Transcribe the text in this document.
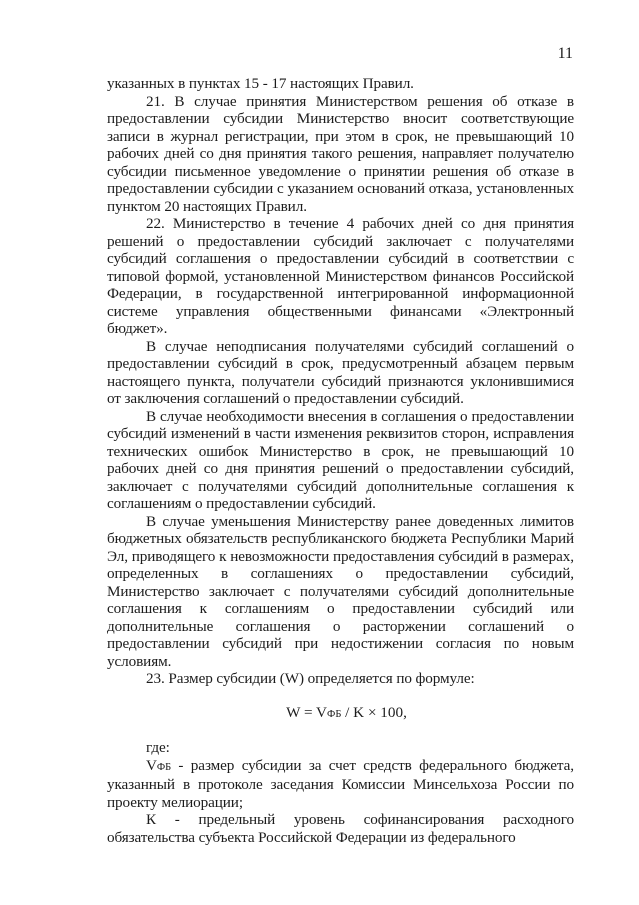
11

указанных в пунктах 15 - 17 настоящих Правил.

21. В случае принятия Министерством решения об отказе в предоставлении субсидии Министерство вносит соответствующие записи в журнал регистрации, при этом в срок, не превышающий 10 рабочих дней со дня принятия такого решения, направляет получателю субсидии письменное уведомление о принятии решения об отказе в предоставлении субсидии с указанием оснований отказа, установленных пунктом 20 настоящих Правил.

22. Министерство в течение 4 рабочих дней со дня принятия решений о предоставлении субсидий заключает с получателями субсидий соглашения о предоставлении субсидий в соответствии с типовой формой, установленной Министерством финансов Российской Федерации, в государственной интегрированной информационной системе управления общественными финансами «Электронный бюджет».

В случае неподписания получателями субсидий соглашений о предоставлении субсидий в срок, предусмотренный абзацем первым настоящего пункта, получатели субсидий признаются уклонившимися от заключения соглашений о предоставлении субсидий.

В случае необходимости внесения в соглашения о предоставлении субсидий изменений в части изменения реквизитов сторон, исправления технических ошибок Министерство в срок, не превышающий 10 рабочих дней со дня принятия решений о предоставлении субсидий, заключает с получателями субсидий дополнительные соглашения к соглашениям о предоставлении субсидий.

В случае уменьшения Министерству ранее доведенных лимитов бюджетных обязательств республиканского бюджета Республики Марий Эл, приводящего к невозможности предоставления субсидий в размерах, определенных в соглашениях о предоставлении субсидий, Министерство заключает с получателями субсидий дополнительные соглашения к соглашениям о предоставлении субсидий или дополнительные соглашения о расторжении соглашений о предоставлении субсидий при недостижении согласия по новым условиям.

23. Размер субсидии (W) определяется по формуле:

W = VФБ / K × 100,

где:

VФБ - размер субсидии за счет средств федерального бюджета, указанный в протоколе заседания Комиссии Минсельхоза России по проекту мелиорации;

К - предельный уровень софинансирования расходного обязательства субъекта Российской Федерации из федерального
